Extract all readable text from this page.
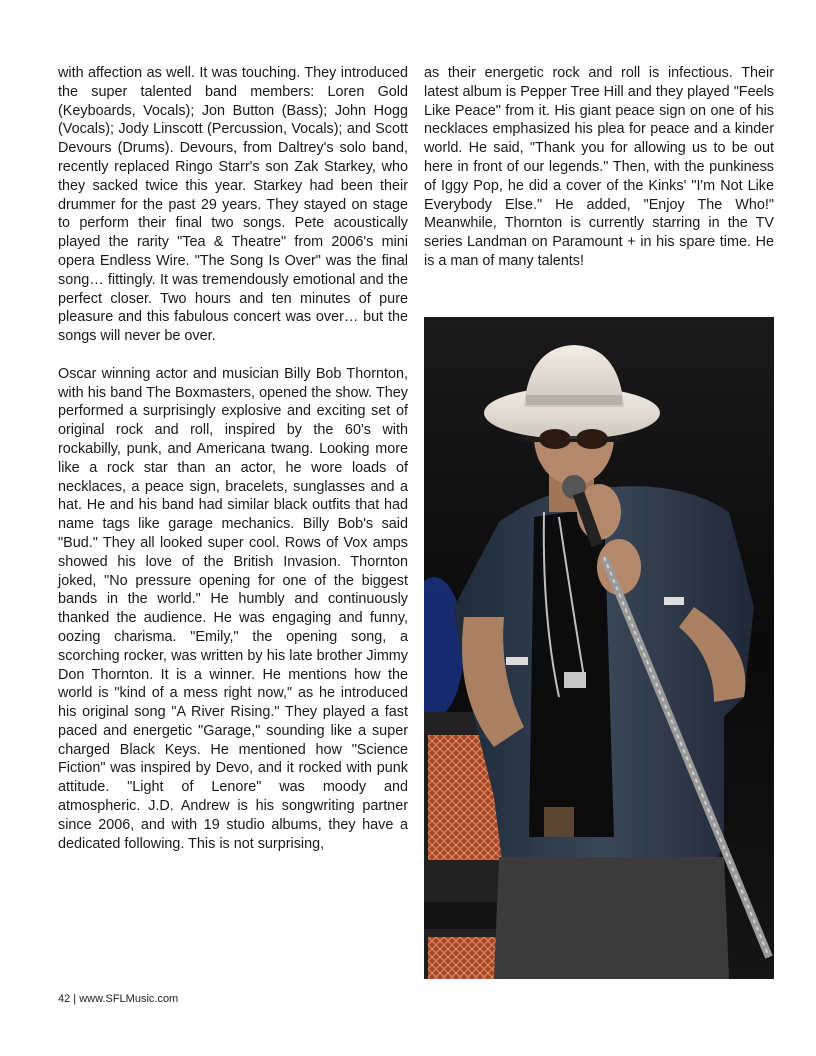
with affection as well. It was touching. They introduced the super talented band members: Loren Gold (Keyboards, Vocals); Jon Button (Bass); John Hogg (Vocals); Jody Linscott (Percussion, Vocals); and Scott Devours (Drums). Devours, from Daltrey's solo band, recently replaced Ringo Starr's son Zak Starkey, who they sacked twice this year. Starkey had been their drummer for the past 29 years. They stayed on stage to perform their final two songs. Pete acoustically played the rarity "Tea & Theatre" from 2006's mini opera Endless Wire. "The Song Is Over" was the final song… fittingly. It was tremendously emotional and the perfect closer. Two hours and ten minutes of pure pleasure and this fabulous concert was over… but the songs will never be over.

Oscar winning actor and musician Billy Bob Thornton, with his band The Boxmasters, opened the show. They performed a surprisingly explosive and exciting set of original rock and roll, inspired by the 60's with rockabilly, punk, and Americana twang. Looking more like a rock star than an actor, he wore loads of necklaces, a peace sign, bracelets, sunglasses and a hat. He and his band had similar black outfits that had name tags like garage mechanics. Billy Bob's said "Bud." They all looked super cool. Rows of Vox amps showed his love of the British Invasion. Thornton joked, "No pressure opening for one of the biggest bands in the world." He humbly and continuously thanked the audience. He was engaging and funny, oozing charisma. "Emily," the opening song, a scorching rocker, was written by his late brother Jimmy Don Thornton. It is a winner. He mentions how the world is "kind of a mess right now," as he introduced his original song "A River Rising." They played a fast paced and energetic "Garage," sounding like a super charged Black Keys. He mentioned how "Science Fiction" was inspired by Devo, and it rocked with punk attitude. "Light of Lenore" was moody and atmospheric. J.D. Andrew is his songwriting partner since 2006, and with 19 studio albums, they have a dedicated following. This is not surprising,

as their energetic rock and roll is infectious. Their latest album is Pepper Tree Hill and they played "Feels Like Peace" from it. His giant peace sign on one of his necklaces emphasized his plea for peace and a kinder world. He said, "Thank you for allowing us to be out here in front of our legends." Then, with the punkiness of Iggy Pop, he did a cover of the Kinks' "I'm Not Like Everybody Else." He added, "Enjoy The Who!" Meanwhile, Thornton is currently starring in the TV series Landman on Paramount + in his spare time. He is a man of many talents!

42 | www.SFLMusic.com
